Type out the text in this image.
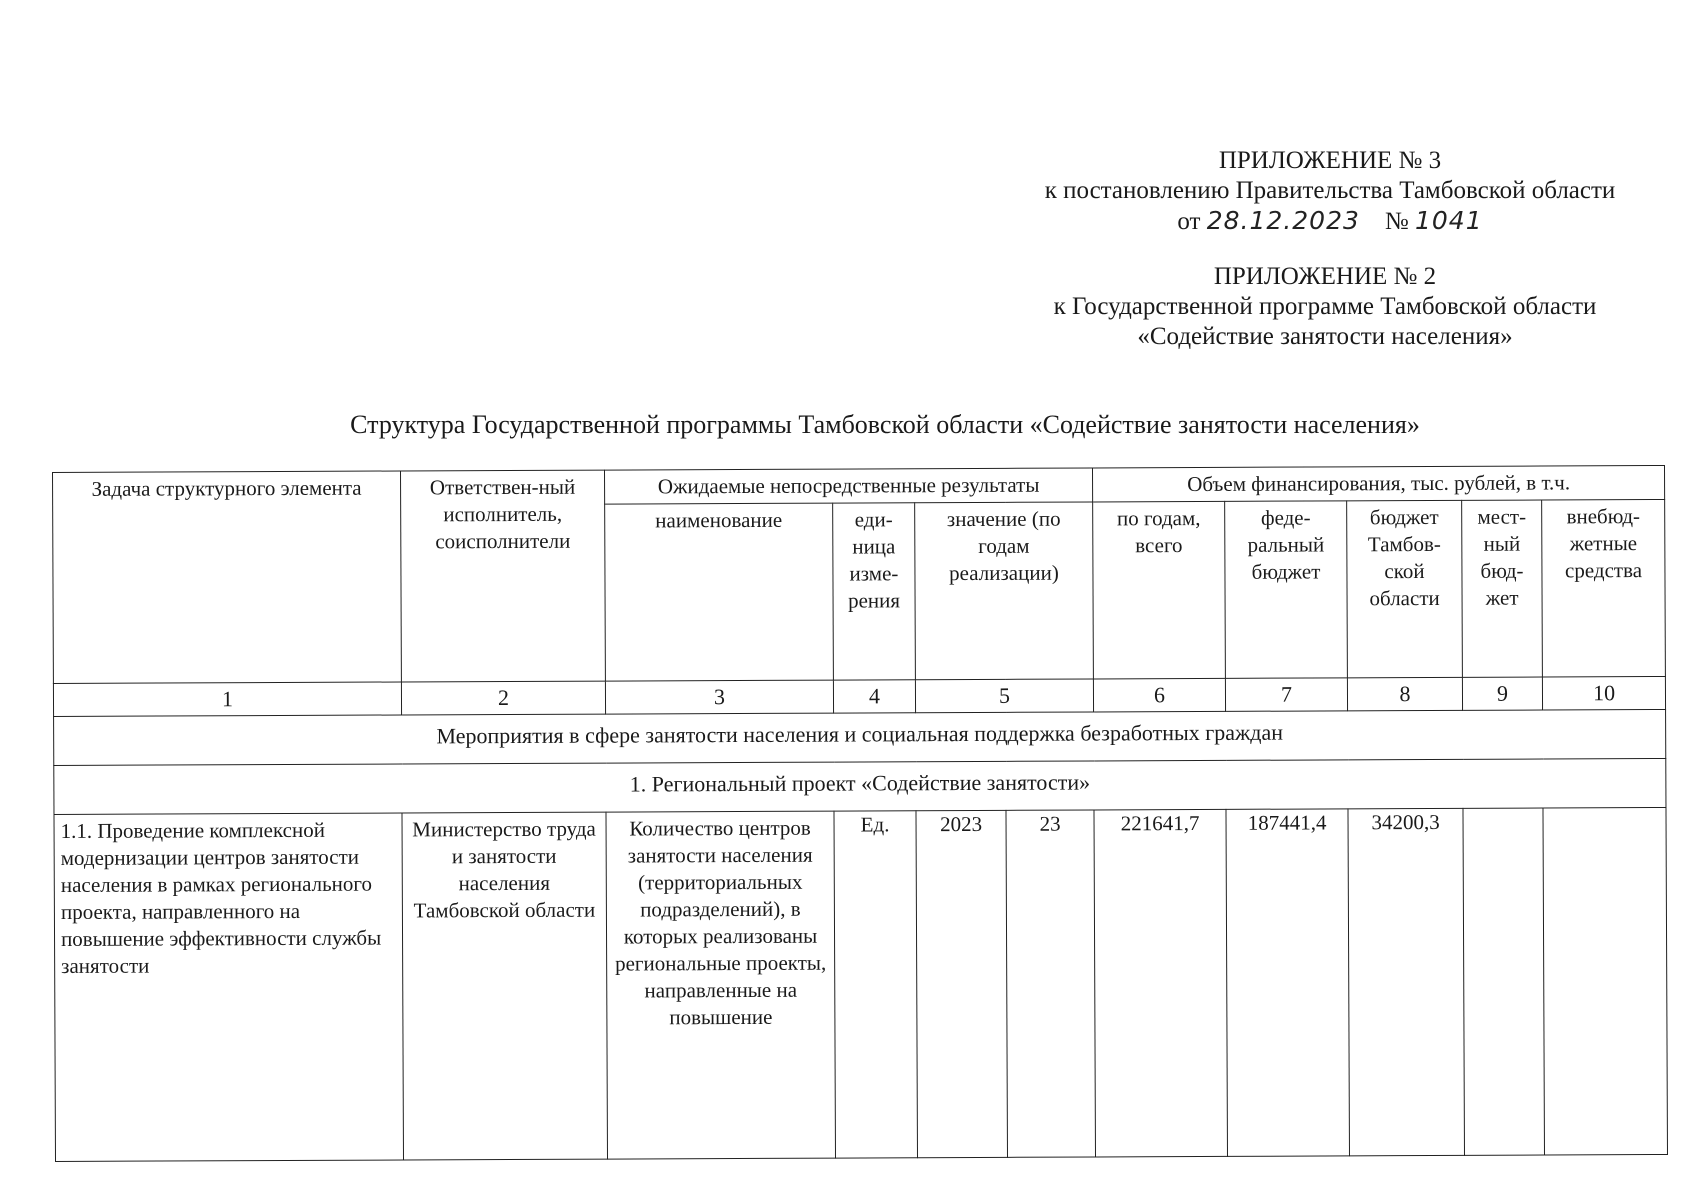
ПРИЛОЖЕНИЕ № 3
к постановлению Правительства Тамбовской области
от 28.12.2023 № 1041
ПРИЛОЖЕНИЕ № 2
к Государственной программе Тамбовской области
«Содействие занятости населения»
Структура Государственной программы Тамбовской области «Содействие занятости населения»
Задача структурного элемента	Ответствен-ный исполнитель, соисполнители	Ожидаемые непосредственные результаты				Объем финансирования, тыс. рублей, в т.ч.				
		наименование	еди-ница изме-рения	значение (по годам реализации)		по годам, всего	феде-ральный бюджет	бюджет Тамбов-ской области	мест-ный бюд-жет	внебюд-жетные средства
1	2	3	4	5		6	7	8	9	10
Мероприятия в сфере занятости населения и социальная поддержка безработных граждан										
1. Региональный проект «Содействие занятости»										
1.1. Проведение комплексной модернизации центров занятости населения в рамках регионального проекта, направленного на повышение эффективности службы занятости	Министерство труда и занятости населения Тамбовской области	Количество центров занятости населения (территориальных подразделений), в которых реализованы региональные проекты, направленные на повышение	Ед.	2023	23	221641,7	187441,4	34200,3		
